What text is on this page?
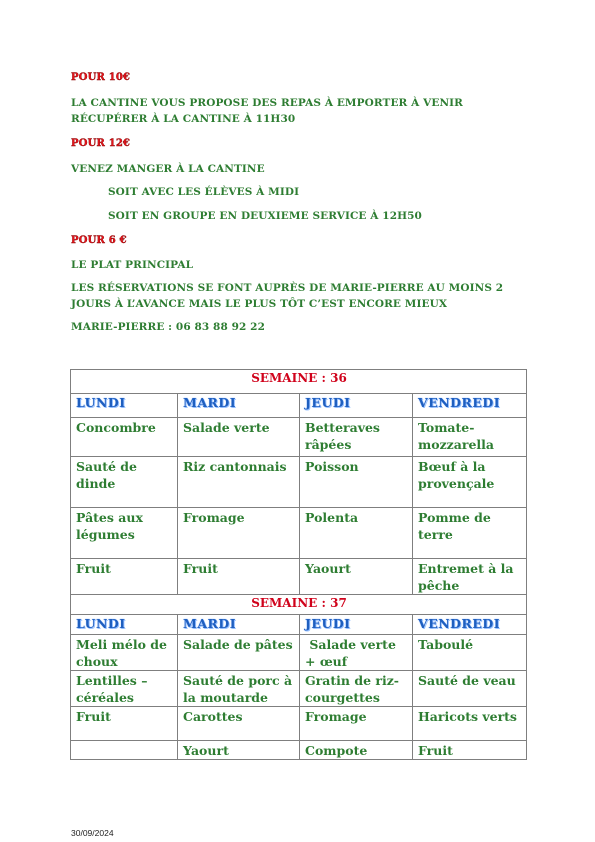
POUR 10€
LA CANTINE VOUS PROPOSE DES REPAS À EMPORTER À VENIR
RÉCUPÉRER À LA CANTINE À 11H30
POUR 12€
VENEZ MANGER À LA CANTINE
SOIT AVEC LES ÉLÈVES À MIDI
SOIT EN GROUPE EN DEUXIEME SERVICE À 12H50
POUR 6 €
LE PLAT PRINCIPAL
LES RÉSERVATIONS SE FONT AUPRÈS DE MARIE-PIERRE AU MOINS 2
JOURS À L’AVANCE MAIS LE PLUS TÔT C’EST ENCORE MIEUX
MARIE-PIERRE : 06 83 88 92 22
SEMAINE : 36			
LUNDI	MARDI	JEUDI	VENDREDI
Concombre	Salade verte	Betteraves râpées	Tomate-mozzarella
Sauté de dinde	Riz cantonnais	Poisson	Bœuf à la provençale
Pâtes aux légumes	Fromage	Polenta	Pomme de terre
Fruit	Fruit	Yaourt	Entremet à la pêche
SEMAINE : 37			
LUNDI	MARDI	JEUDI	VENDREDI
Meli mélo de choux	Salade de pâtes	Salade verte + œuf	Taboulé
Lentilles – céréales	Sauté de porc à la moutarde	Gratin de riz-courgettes	Sauté de veau
Fruit	Carottes	Fromage	Haricots verts
	Yaourt	Compote	Fruit
30/09/2024
